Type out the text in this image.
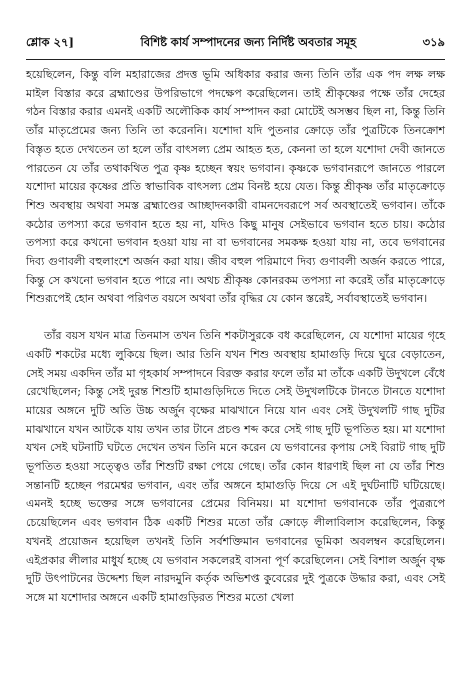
শ্লোক ২৭]	বিশিষ্ট কার্য সম্পাদনের জন্য নির্দিষ্ট অবতার সমূহ	৩১৯

হয়েছিলেন, কিন্তু বলি মহারাজের প্রদত্ত ভূমি অধিকার করার জন্য তিনি তাঁর এক পদ লক্ষ লক্ষ মাইল বিস্তার করে ব্রহ্মাণ্ডের উপরিভাগে পদক্ষেপ করেছিলেন। তাই শ্রীকৃষ্ণের পক্ষে তাঁর দেহের গঠন বিস্তার করার এমনই একটি অলৌকিক কার্য সম্পাদন করা মোটেই অসম্ভব ছিল না, কিন্তু তিনি তাঁর মাতৃপ্রেমের জন্য তিনি তা করেননি। যশোদা যদি পুতনার ক্রোড়ে তাঁর পুত্রটিকে তিনক্রোশ বিস্তৃত হতে দেখতেন তা হলে তাঁর বাৎসল্য প্রেম আহত হত, কেননা তা হলে যশোদা দেবী জানতে পারতেন যে তাঁর তথাকথিত পুত্র কৃষ্ণ হচ্ছেন স্বয়ং ভগবান। কৃষ্ণকে ভগবানরূপে জানতে পারলে যশোদা মায়ের কৃষ্ণের প্রতি স্বাভাবিক বাৎসল্য প্রেম বিনষ্ট হয়ে যেত। কিন্তু শ্রীকৃষ্ণ তাঁর মাতৃক্রোড়ে শিশু অবস্থায় অথবা সমস্ত ব্রহ্মাণ্ডের আচ্ছাদনকারী বামনদেবরূপে সর্ব অবস্থাতেই ভগবান। তাঁকে কঠোর তপস্যা করে ভগবান হতে হয় না, যদিও কিছু মানুষ সেইভাবে ভগবান হতে চায়। কঠোর তপস্যা করে কখনো ভগবান হওয়া যায় না বা ভগবানের সমকক্ষ হওয়া যায় না, তবে ভগবানের দিব্য গুণাবলী বহুলাংশে অর্জন করা যায়। জীব বহুল পরিমাণে দিব্য গুণাবলী অর্জন করতে পারে, কিন্তু সে কখনো ভগবান হতে পারে না। অথচ শ্রীকৃষ্ণ কোনরকম তপস্যা না করেই তাঁর মাতৃক্রোড়ে শিশুরূপেই হোন অথবা পরিণত বয়সে অথবা তাঁর বৃদ্ধির যে কোন স্তরেই, সর্বাবস্থাতেই ভগবান।

তাঁর বয়স যখন মাত্র তিনমাস তখন তিনি শকটাসুরকে বধ করেছিলেন, যে যশোদা মায়ের গৃহে একটি শকটের মধ্যে লুকিয়ে ছিল। আর তিনি যখন শিশু অবস্থায় হামাগুড়ি দিয়ে ঘুরে বেড়াতেন, সেই সময় একদিন তাঁর মা গৃহকার্য সম্পাদনে বিরক্ত করার ফলে তাঁর মা তাঁকে একটি উদুখলে বেঁধে রেখেছিলেন; কিন্তু সেই দুরন্ত শিশুটি হামাগুড়িদিতে দিতে সেই উদুখলটিকে টানতে টানতে যশোদা মায়ের অঙ্গনে দুটি অতি উচ্চ অর্জুন বৃক্ষের মাঝখানে নিয়ে যান এবং সেই উদুখলটি গাছ দুটির মাঝখানে যখন আটকে যায় তখন তার টানে প্রচণ্ড শব্দ করে সেই গাছ দুটি ভূপতিত হয়। মা যশোদা যখন সেই ঘটনাটি ঘটতে দেখেন তখন তিনি মনে করেন যে ভগবানের কৃপায় সেই বিরাট গাছ দুটি ভূপতিত হওয়া সত্ত্বেও তাঁর শিশুটি রক্ষা পেয়ে গেছে। তাঁর কোন ধারণাই ছিল না যে তাঁর শিশু সন্তানটি হচ্ছেন পরমেশ্বর ভগবান, এবং তাঁর অঙ্গনে হামাগুড়ি দিয়ে সে এই দুর্ঘটনাটি ঘটিয়েছে। এমনই হচ্ছে ভক্তের সঙ্গে ভগবানের প্রেমের বিনিময়। মা যশোদা ভগবানকে তাঁর পুত্ররূপে চেয়েছিলেন এবং ভগবান ঠিক একটি শিশুর মতো তাঁর ক্রোড়ে লীলাবিলাস করেছিলেন, কিন্তু যখনই প্রয়োজন হয়েছিল তখনই তিনি সর্বশক্তিমান ভগবানের ভূমিকা অবলম্বন করেছিলেন। এইপ্রকার লীলার মাধুর্য হচ্ছে যে ভগবান সকলেরই বাসনা পূর্ণ করেছিলেন। সেই বিশাল অর্জুন বৃক্ষ দুটি উৎপাটনের উদ্দেশ্য ছিল নারদমুনি কর্তৃক অভিশপ্ত কুবেরের দুই পুত্রকে উদ্ধার করা, এবং সেই সঙ্গে মা যশোদার অঙ্গনে একটি হামাগুড়িরত শিশুর মতো খেলা
